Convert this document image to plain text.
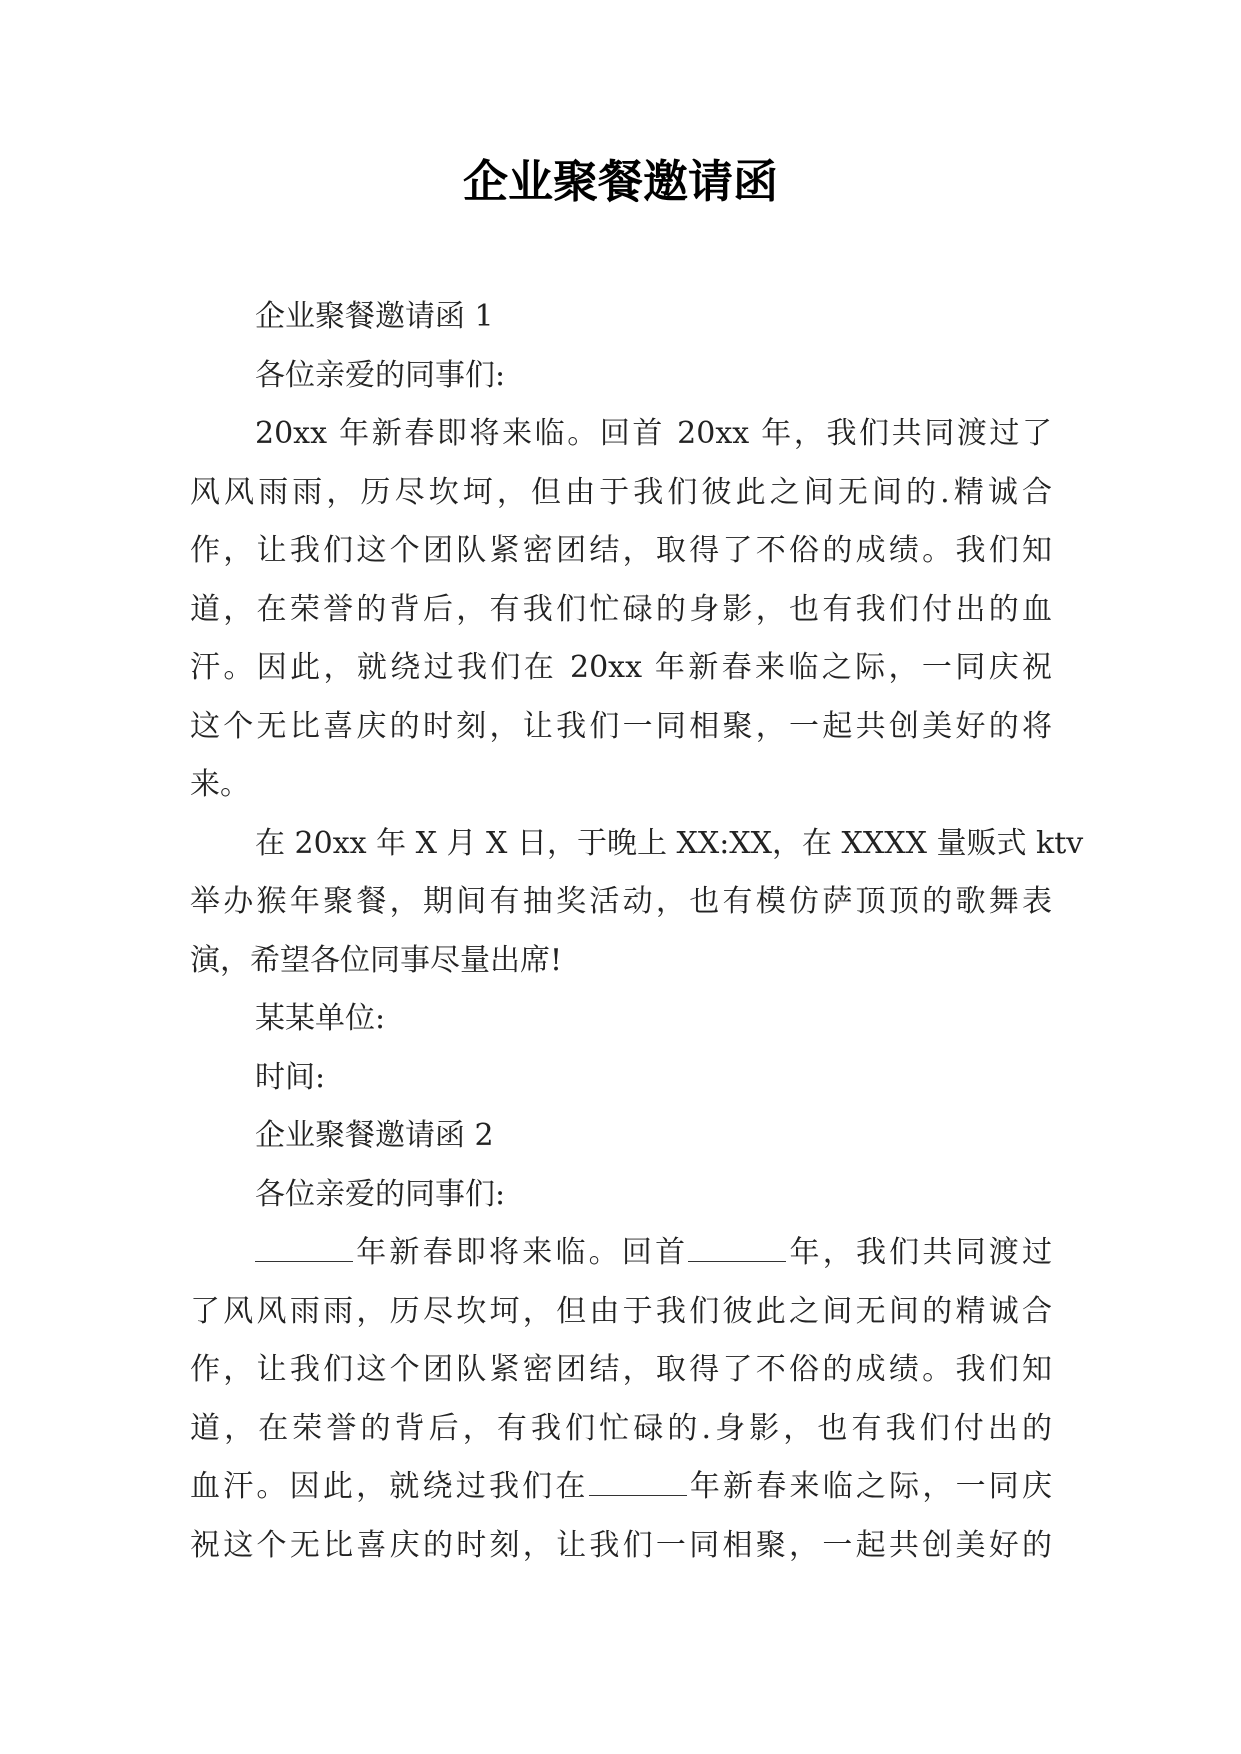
企业聚餐邀请函
企业聚餐邀请函 1
各位亲爱的同事们:
20xx 年新春即将来临。回首 20xx 年，我们共同渡过了
风风雨雨，历尽坎坷，但由于我们彼此之间无间的.精诚合
作，让我们这个团队紧密团结，取得了不俗的成绩。我们知
道，在荣誉的背后，有我们忙碌的身影，也有我们付出的血
汗。因此，就绕过我们在 20xx 年新春来临之际，一同庆祝
这个无比喜庆的时刻，让我们一同相聚，一起共创美好的将
来。
在 20xx 年 X 月 X 日，于晚上 XX:XX，在 XXXX 量贩式 ktv
举办猴年聚餐，期间有抽奖活动，也有模仿萨顶顶的歌舞表
演，希望各位同事尽量出席!
某某单位:
时间:
企业聚餐邀请函 2
各位亲爱的同事们:
年新春即将来临。回首	年，我们共同渡过
了风风雨雨，历尽坎坷，但由于我们彼此之间无间的精诚合
作，让我们这个团队紧密团结，取得了不俗的成绩。我们知
道，在荣誉的背后，有我们忙碌的.身影，也有我们付出的
血汗。因此，就绕过我们在	年新春来临之际，一同庆
祝这个无比喜庆的时刻，让我们一同相聚，一起共创美好的
